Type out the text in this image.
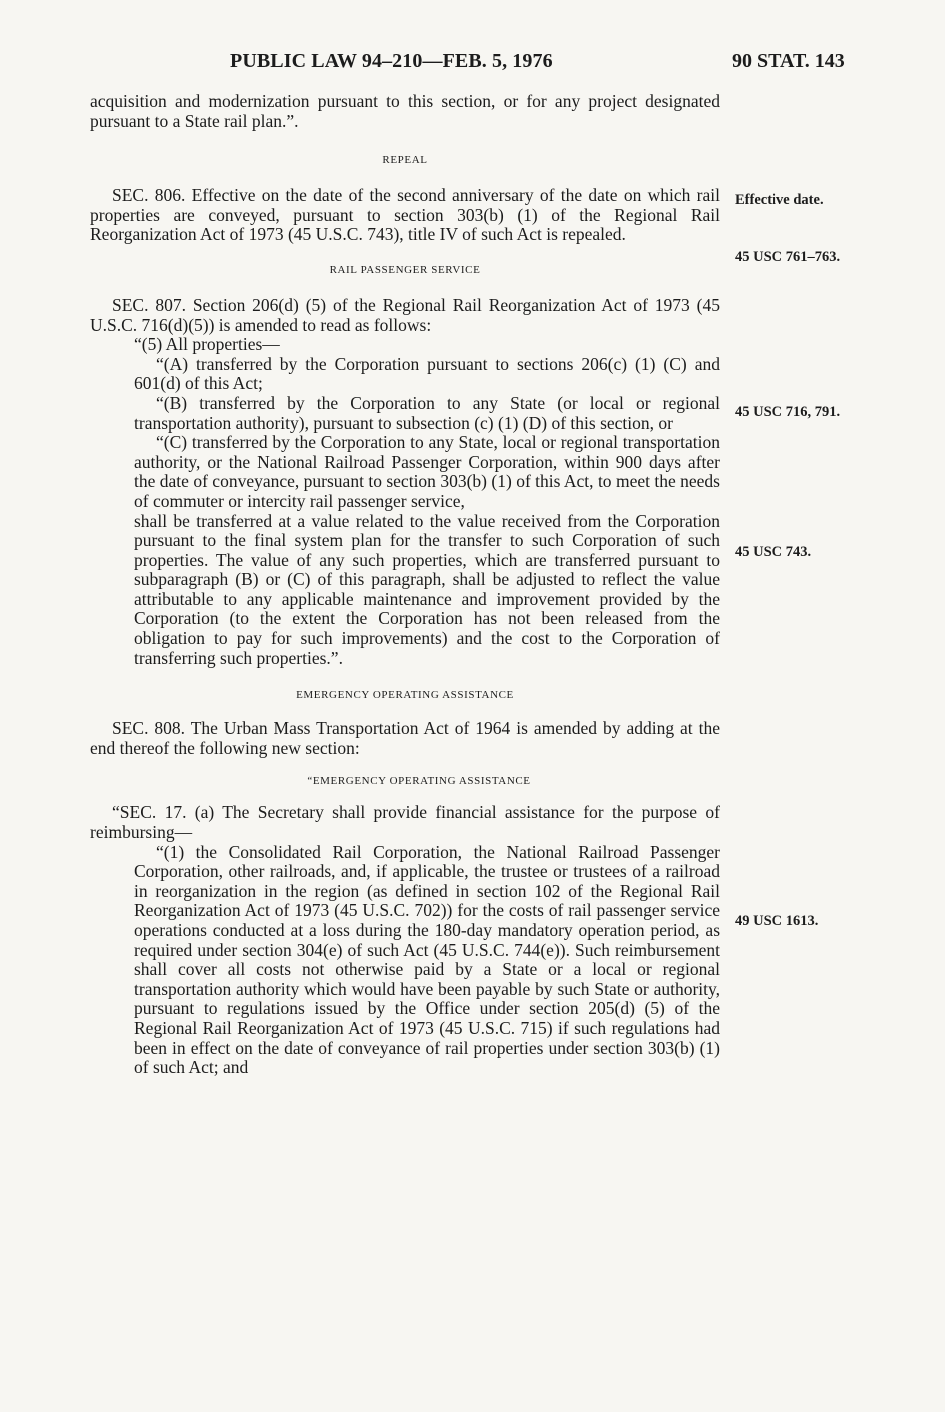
PUBLIC LAW 94–210—FEB. 5, 1976	90 STAT. 143

acquisition and modernization pursuant to this section, or for any project designated pursuant to a State rail plan.”.

REPEAL

SEC. 806. Effective on the date of the second anniversary of the date on which rail properties are conveyed, pursuant to section 303(b) (1) of the Regional Rail Reorganization Act of 1973 (45 U.S.C. 743), title IV of such Act is repealed.

RAIL PASSENGER SERVICE

SEC. 807. Section 206(d) (5) of the Regional Rail Reorganization Act of 1973 (45 U.S.C. 716(d)(5)) is amended to read as follows:

“(5) All properties—

“(A) transferred by the Corporation pursuant to sections 206(c) (1) (C) and 601(d) of this Act;

“(B) transferred by the Corporation to any State (or local or regional transportation authority), pursuant to subsection (c) (1) (D) of this section, or

“(C) transferred by the Corporation to any State, local or regional transportation authority, or the National Railroad Passenger Corporation, within 900 days after the date of conveyance, pursuant to section 303(b) (1) of this Act, to meet the needs of commuter or intercity rail passenger service,

shall be transferred at a value related to the value received from the Corporation pursuant to the final system plan for the transfer to such Corporation of such properties. The value of any such properties, which are transferred pursuant to subparagraph (B) or (C) of this paragraph, shall be adjusted to reflect the value attributable to any applicable maintenance and improvement provided by the Corporation (to the extent the Corporation has not been released from the obligation to pay for such improvements) and the cost to the Corporation of transferring such properties.”.

EMERGENCY OPERATING ASSISTANCE

SEC. 808. The Urban Mass Transportation Act of 1964 is amended by adding at the end thereof the following new section:

“EMERGENCY OPERATING ASSISTANCE

“SEC. 17. (a) The Secretary shall provide financial assistance for the purpose of reimbursing—

“(1) the Consolidated Rail Corporation, the National Railroad Passenger Corporation, other railroads, and, if applicable, the trustee or trustees of a railroad in reorganization in the region (as defined in section 102 of the Regional Rail Reorganization Act of 1973 (45 U.S.C. 702)) for the costs of rail passenger service operations conducted at a loss during the 180-day mandatory operation period, as required under section 304(e) of such Act (45 U.S.C. 744(e)). Such reimbursement shall cover all costs not otherwise paid by a State or a local or regional transportation authority which would have been payable by such State or authority, pursuant to regulations issued by the Office under section 205(d) (5) of the Regional Rail Reorganization Act of 1973 (45 U.S.C. 715) if such regulations had been in effect on the date of conveyance of rail properties under section 303(b) (1) of such Act; and

Effective date.
45 USC 761–763.
45 USC 716, 791.
45 USC 743.
49 USC 1613.
